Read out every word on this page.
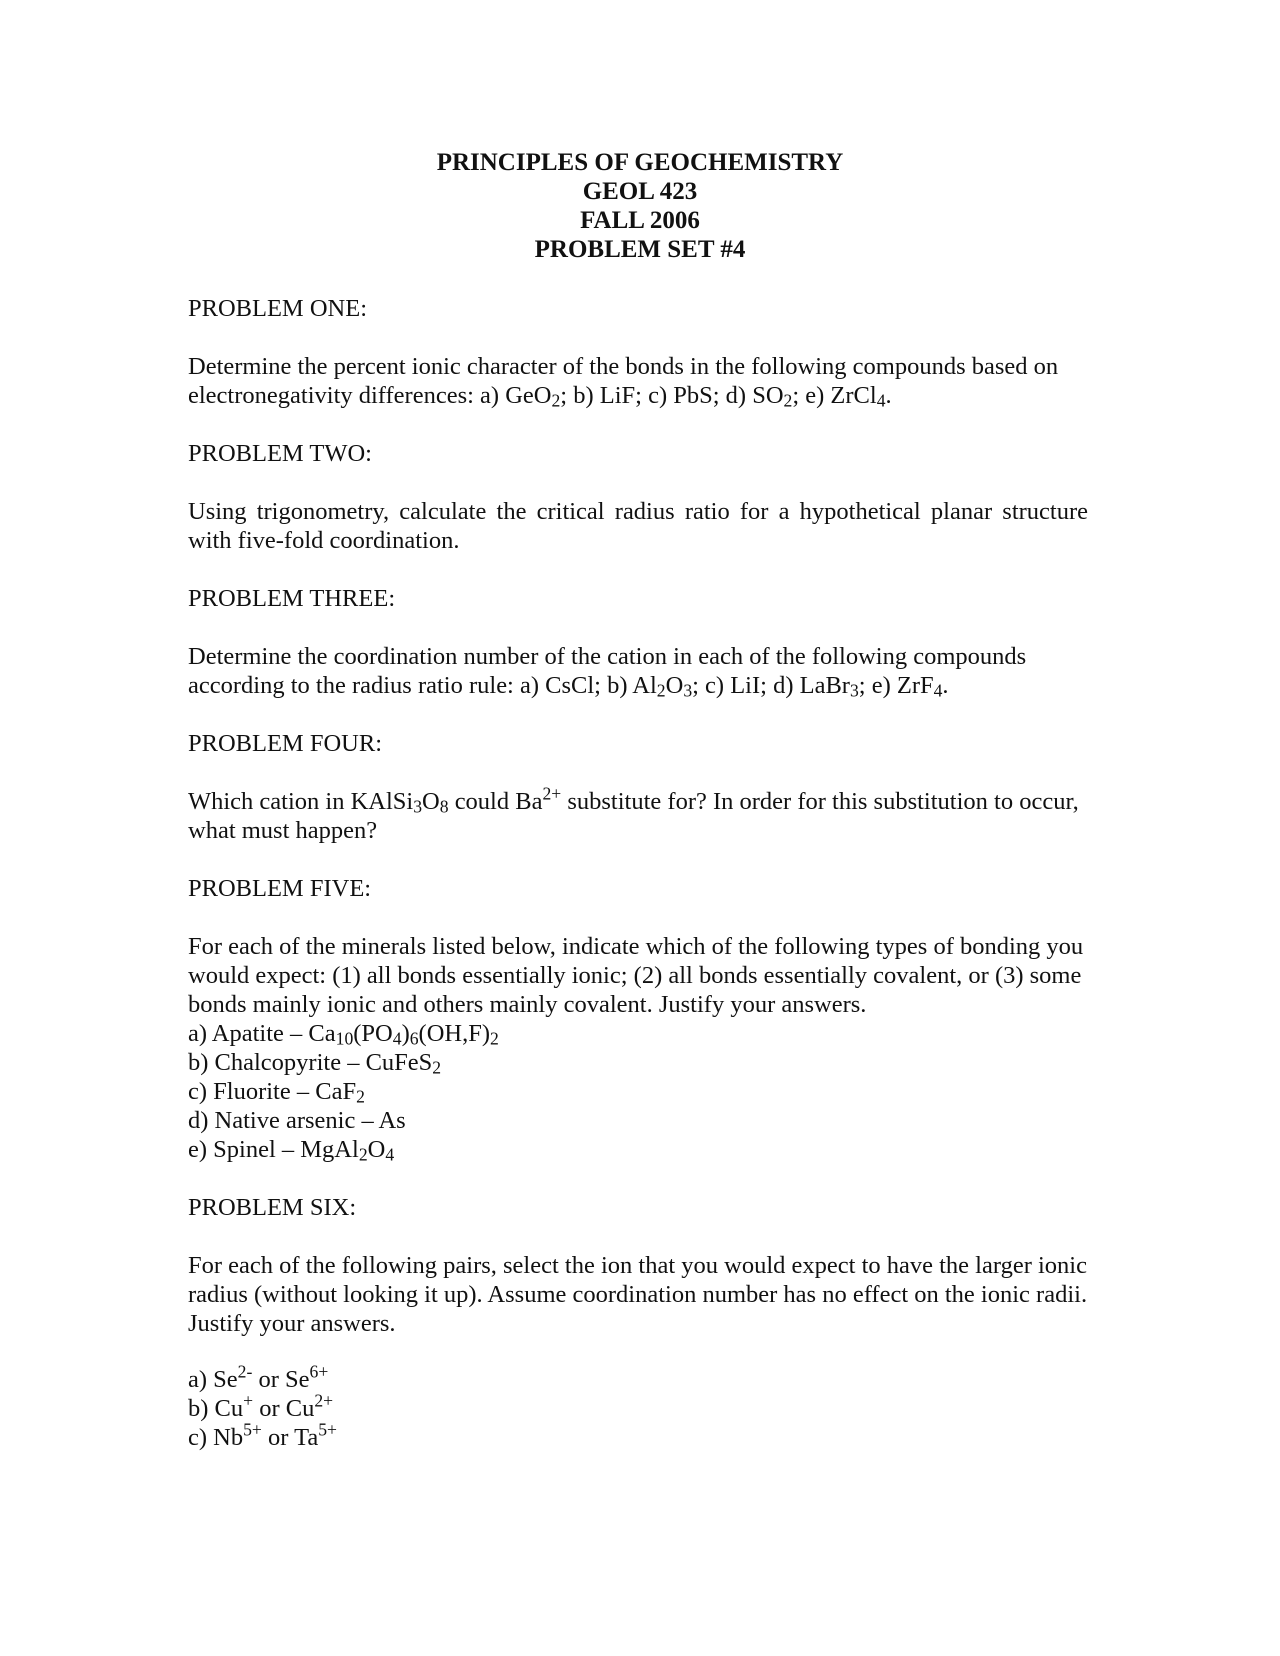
PRINCIPLES OF GEOCHEMISTRY
GEOL 423
FALL 2006
PROBLEM SET #4

PROBLEM ONE:

Determine the percent ionic character of the bonds in the following compounds based on electronegativity differences: a) GeO$_2$; b) LiF; c) PbS; d) $SO_2$; e) ZrCl$_4$.

PROBLEM TWO:

Using trigonometry, calculate the critical radius ratio for a hypothetical planar structure with five-fold coordination.

PROBLEM THREE:

Determine the coordination number of the cation in each of the following compounds according to the radius ratio rule: a) CsCl; b) $Al_2O_3$; c) LiI; d) LaBr$_3$; e) ZrF$_4$.

PROBLEM FOUR:

Which cation in $KAlSi_3O_8$ could $Ba^{2+}$ substitute for? In order for this substitution to occur, what must happen?

PROBLEM FIVE:

For each of the minerals listed below, indicate which of the following types of bonding you would expect: (1) all bonds essentially ionic; (2) all bonds essentially covalent, or (3) some bonds mainly ionic and others mainly covalent. Justify your answers.

a) Apatite – $Ca_{10}(PO_4)_6(OH,F)_2$
b) Chalcopyrite – CuFeS$_2$
c) Fluorite – CaF$_2$
d) Native arsenic – As
e) Spinel – $MgAl_2O_4$

PROBLEM SIX:

For each of the following pairs, select the ion that you would expect to have the larger ionic radius (without looking it up). Assume coordination number has no effect on the ionic radii. Justify your answers.

a) $Se^{2-}$ or $Se^{6+}$
b) Cu+ or $Cu^{2+}$
c) $Nb^{5+}$ or $Ta^{5+}$
